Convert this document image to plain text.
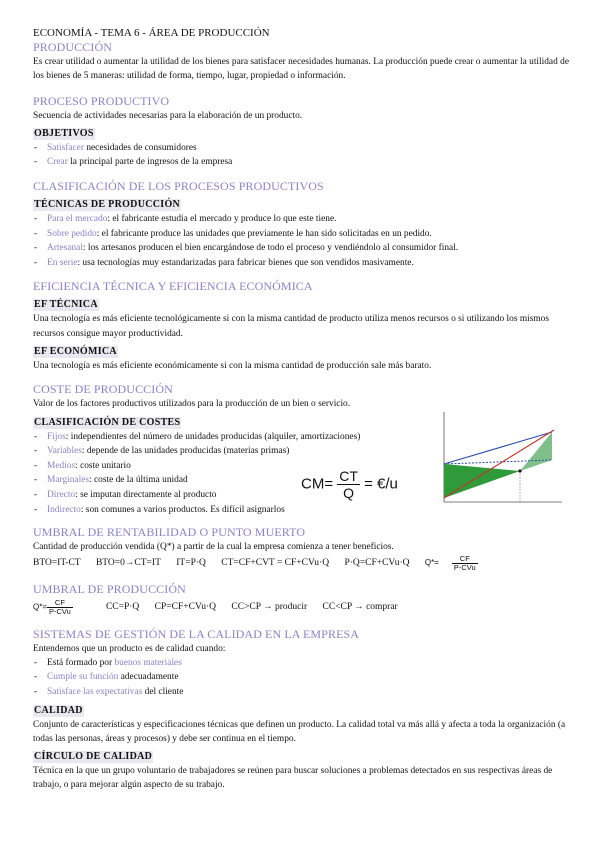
ECONOMÍA - TEMA 6 - ÁREA DE PRODUCCIÓN
PRODUCCIÓN
Es crear utilidad o aumentar la utilidad de los bienes para satisfacer necesidades humanas. La producción puede crear o aumentar la utilidad de los bienes de 5 maneras: utilidad de forma, tiempo, lugar, propiedad o información.
PROCESO PRODUCTIVO
Secuencia de actividades necesarias para la elaboración de un producto.
OBJETIVOS
- Satisfacer necesidades de consumidores
- Crear la principal parte de ingresos de la empresa
CLASIFICACIÓN DE LOS PROCESOS PRODUCTIVOS
TÉCNICAS DE PRODUCCIÓN
- Para el mercado: el fabricante estudia el mercado y produce lo que este tiene.
- Sobre pedido: el fabricante produce las unidades que previamente le han sido solicitadas en un pedido.
- Artesanal: los artesanos producen el bien encargándose de todo el proceso y vendiéndolo al consumidor final.
- En serie: usa tecnologías muy estandarizadas para fabricar bienes que son vendidos masivamente.
EFICIENCIA TÉCNICA Y EFICIENCIA ECONÓMICA
EF TÉCNICA
Una tecnología es más eficiente tecnológicamente si con la misma cantidad de producto utiliza menos recursos o si utilizando los mismos recursos consigue mayor productividad.
EF ECONÓMICA
Una tecnología es más eficiente económicamente si con la misma cantidad de producción sale más barato.
COSTE DE PRODUCCIÓN
Valor de los factores productivos utilizados para la producción de un bien o servicio.
CLASIFICACIÓN DE COSTES
- Fijos: independientes del número de unidades producidas (alquiler, amortizaciones)
- Variables: depende de las unidades producidas (materias primas)
- Medios: coste unitario
- Marginales: coste de la última unidad
- Directo: se imputan directamente al producto
- Indirecto: son comunes a varios productos. Es difícil asignarlos
$CM= \frac{CT}{Q}$ = €/u
UMBRAL DE RENTABILIDAD O PUNTO MUERTO
Cantidad de producción vendida (Q*) a partir de la cual la empresa comienza a tener beneficios.
BTO=IT-CT BTO=0→CT=IT IT=P·Q CT=CF+CVT = CF+CVu·Q P·Q=CF+CVu·Q $Q*= \frac{CF}{\text{P-CVu}}$
UMBRAL DE PRODUCCIÓN
$Q*= \frac{CF}{\text{P-CVu}} CC=P\cdot Q$ CP=CF+CVu·Q CC>CP → producir CC<CP → comprar
SISTEMAS DE GESTIÓN DE LA CALIDAD EN LA EMPRESA
Entendemos que un producto es de calidad cuando:
- Está formado por buenos materiales
- Cumple su función adecuadamente
- Satisface las expectativas del cliente
CALIDAD
Conjunto de características y especificaciones técnicas que definen un producto. La calidad total va más allá y afecta a toda la organización (a todas las personas, áreas y procesos) y debe ser continua en el tiempo.
CÍRCULO DE CALIDAD
Técnica en la que un grupo voluntario de trabajadores se reúnen para buscar soluciones a problemas detectados en sus respectivas áreas de trabajo, o para mejorar algún aspecto de su trabajo.
